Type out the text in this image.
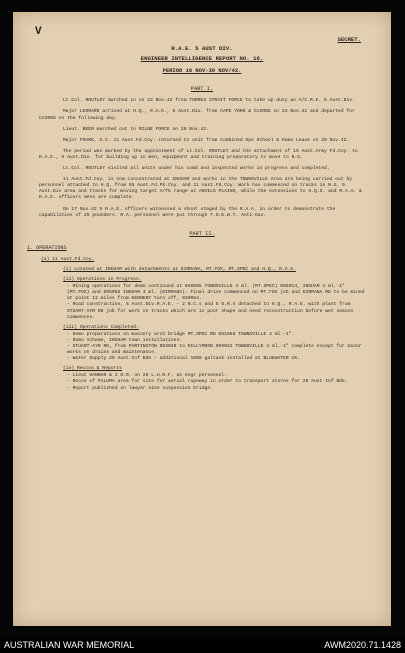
V
SECRET.
R.A.E. 5 AUST DIV.
ENGINEER INTELLIGENCE REPORT NO. 16.
PERIOD 16 NOV-30 NOV/42.
PART I.
Lt.Col. ROUTLEY marched in on 23 Nov.42 from TORRES STRAIT FORCE to take up duty as A/C.R.E. 5 Aust.Div.
Major LEONARD arrived at H.Q., R.A.E., 5 Aust.Div. from CAPE YORK & CAIRNS on 23 Nov.42 and departed for CAIRNS on the following day.
Lieut. BEER marched out to MILNE FORCE on 20 Nov.42.
Major FRANK, O.C. 11 Aust.Fd.Coy. returned to unit from Combined Ops School & Home Leave on 29 Nov.42.
The period was marked by the appointment of Lt.Col. ROUTLEY and the attachment of 15 Aust.Army Fd.Coy. to R.A.E., 5 Aust.Div. for building up in men, equipment and training preparatory to move to N.G.
Lt.Col. ROUTLEY visited all units under his comd and inspected works in progress and completed.
11 Aust.Fd.Coy. is now concentrated at INGHAM and works in the TOWNSVILLE Area are being carried out by personnel attached to H.Q. from 55 Aust.Fd.Pk.Coy. and 11 Aust.Fd.Coy. Work has commenced on tracks in N.G. 5 Aust.Div area and tracks for moving target A/Tk range at ANVILS PLAINS, while the extensions to H.Q.S. and R.A.A. & R.A.E. officers mess are complete.
On 17 Nov.42 5 R.A.E. officers witnessed a shoot staged by the R.A.A. in order to demonstrate the capabilities of 25 pounders. R.A. personnel were put through T.O.E.W.T. Anti-Gas.
PART II.
1. OPERATIONS
(a) 11 Aust.Fd.Coy.
(i) Located at INGHAM with detachments at KIRRANA, MT.FOX, MT.SPEC and H.Q., R.A.E.
(ii) Operations in Progress.
- Mining operations for demo continued at 046065 TOWNSVILLE 4 ml. (MT.SPEC) 095014, INGHAM 4 ml.-1" (MT.FOX) and 095055 INGHAM 4 ml. (KIRRANA). Final drive commenced on MT.FOX job and KIRRANA RD to be mined at point 12 miles from KENNEDY turn off, 030054.
- Road construction, 5 Aust.Div.R.A.E. - 2 N.C.s and 5 O.R.s detached to H.Q., R.A.E. with plant from STUART-AYR RD job for work on tracks which are in poor shape and need reconstruction before wet season commences.
(iii) Operations Completed.
- Demo preparations on masonry arch bridge MT.SPEC RD 051058 TOWNSVILLE 4 ml.-1".
- Demo scheme, INGHAM town installations.
- STUART-AYR RD, from PARTINGTON 093040 to KILLYMOON 099042 TOWNSVILLE 4 ml.-1" complete except for minor works on drains and maintenance.
- Water Supply 29 Aust.Inf Bde - additional 1000 galtank installed at BLUEWATER CK.
(iv) Reccos & Reports
- Lieut HANNAN & 3 O.R. on 29 L.H.R.F. as engr personnel.
- Recce of PALUMA area for site for aerial ropeway in order to transport stores for 29 Aust Inf Bde.
- Report published on lawyer vine suspension bridge.
AUSTRALIAN WAR MEMORIAL	AWM2020.71.1428
